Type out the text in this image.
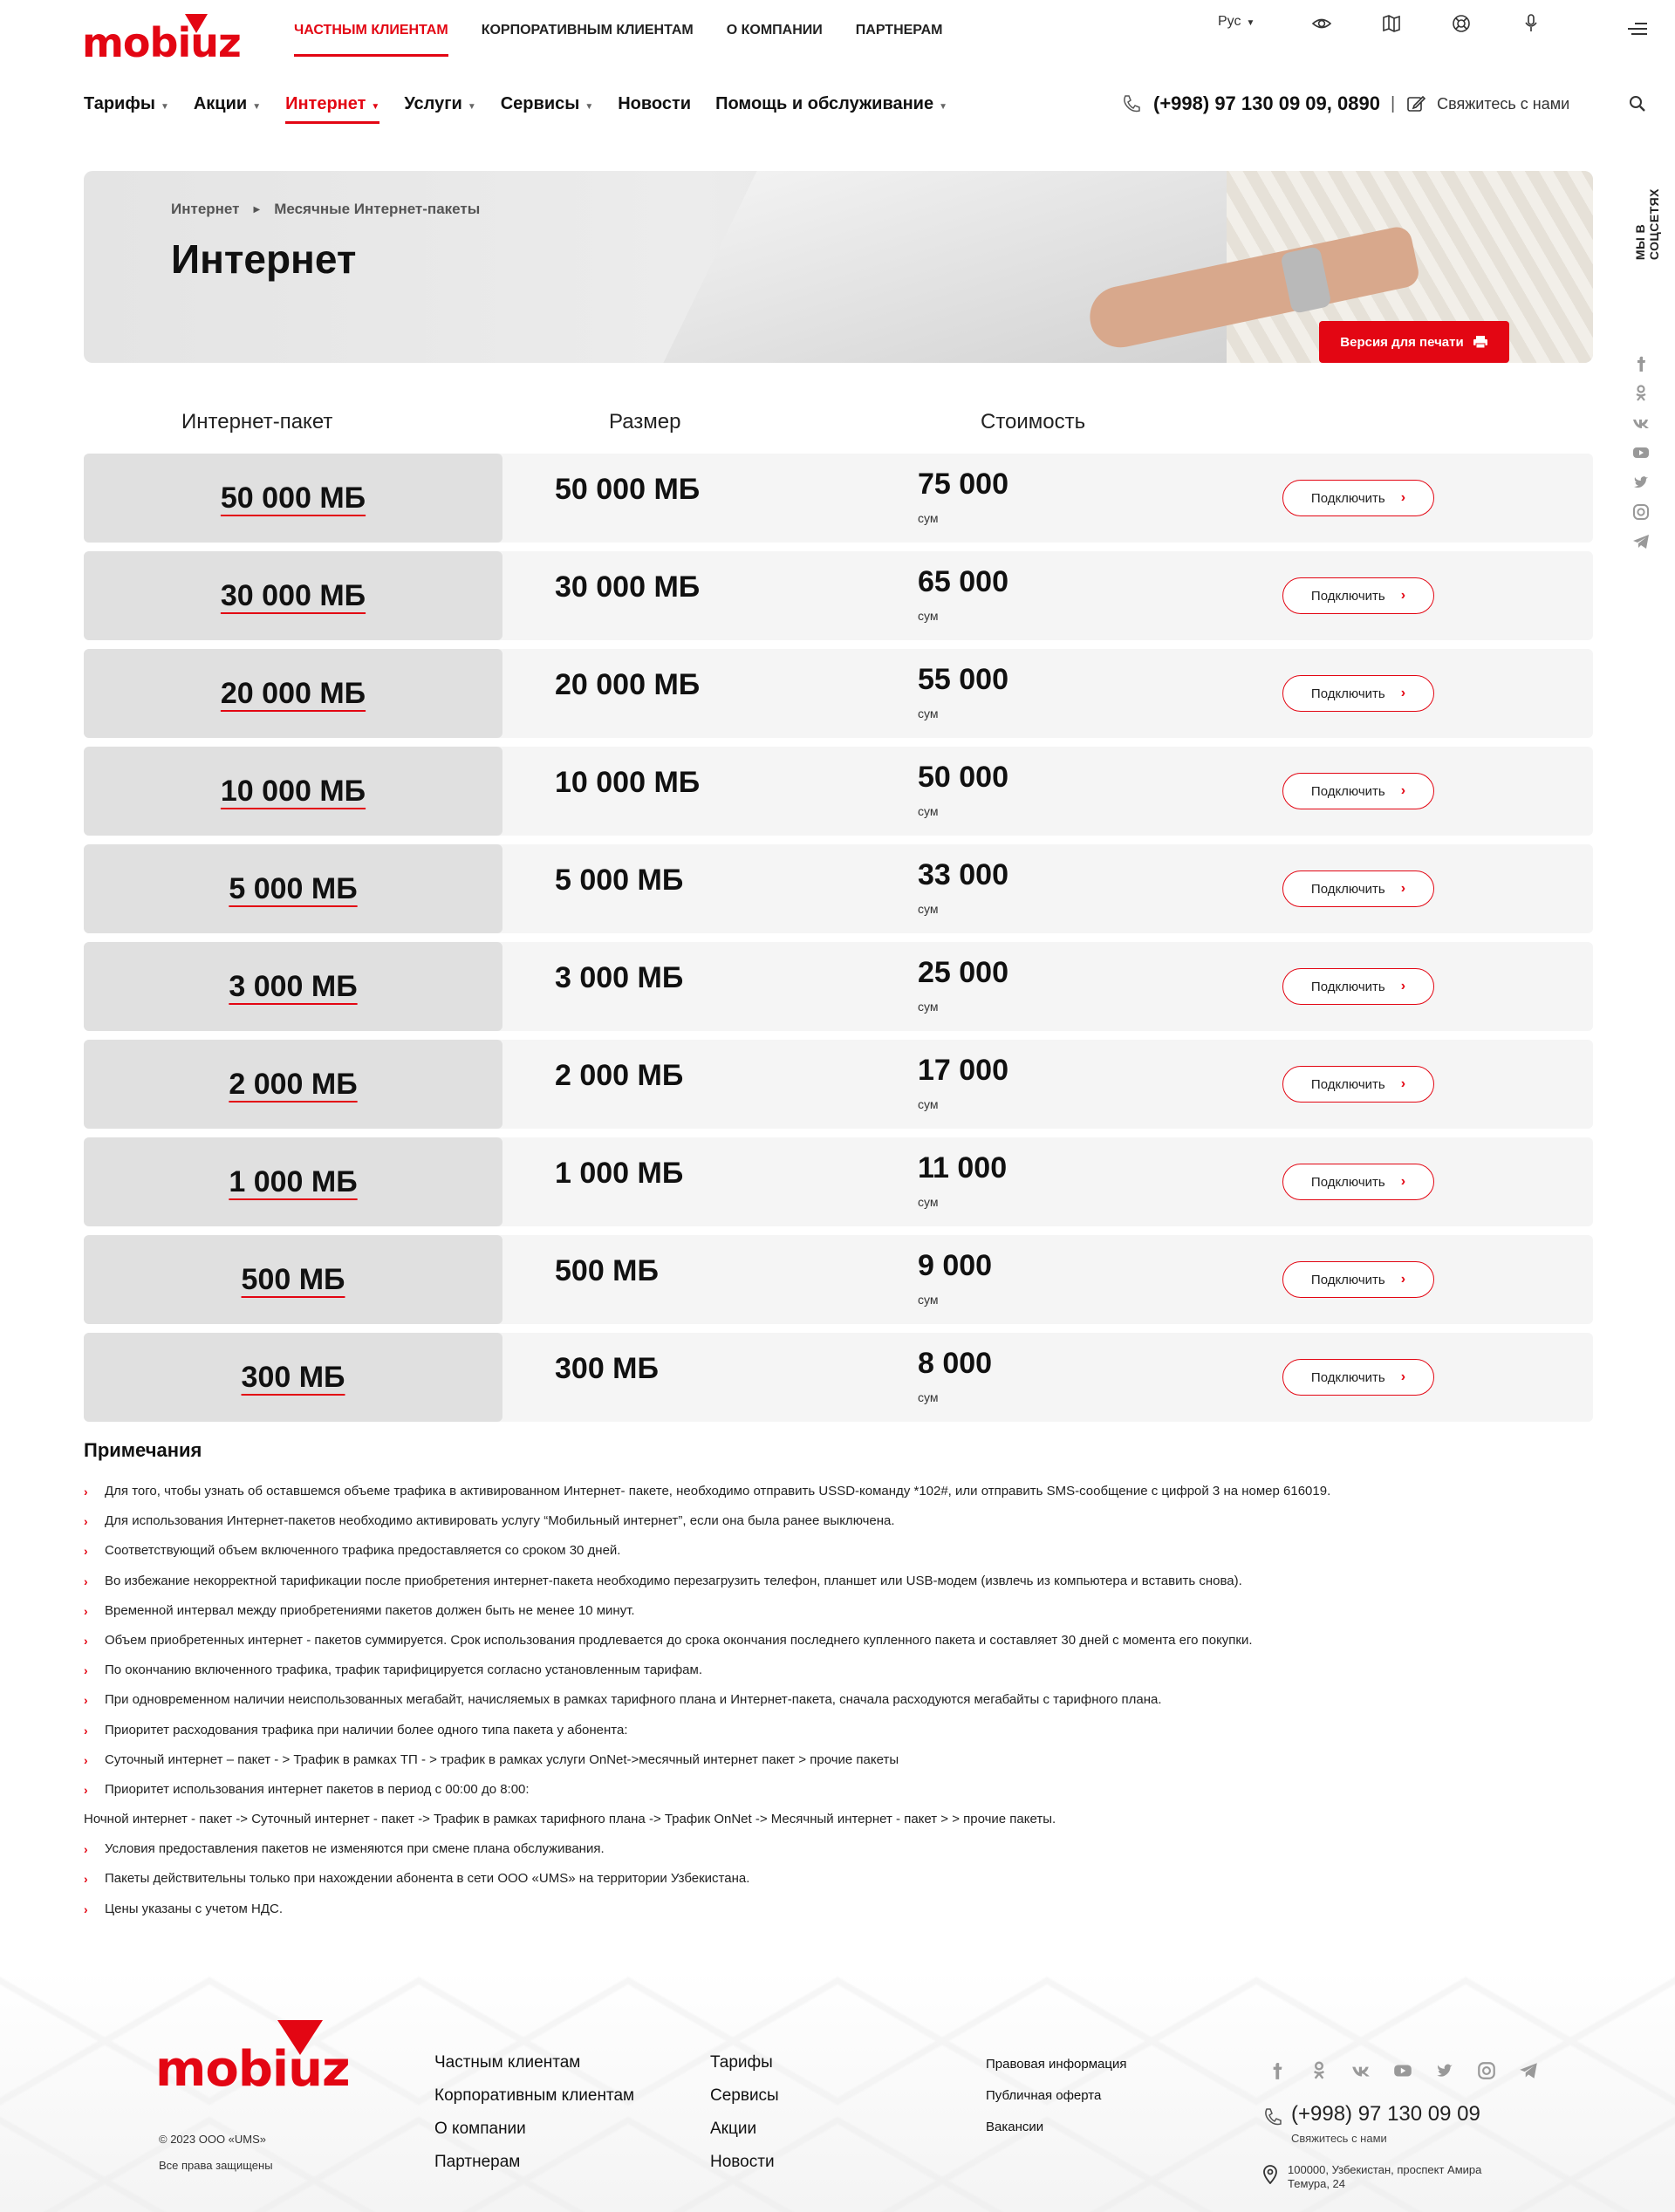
mobiuz	ЧАСТНЫМ КЛИЕНТАМ КОРПОРАТИВНЫМ КЛИЕНТАМ О КОМПАНИИ ПАРТНЕРАМ
Рус ▼
Тарифы ▼ Акции ▼ Интернет ▼ Услуги ▼ Сервисы ▼ Новости Помощь и обслуживание ▼	(+998) 97 130 09 09, 0890 |	Свяжитесь с нами
Интернет ▶ Месячные Интернет-пакеты
Интернет
Версия для печати
МЫ В СОЦСЕТЯХ
Интернет-пакет	Размер	Стоимость
50 000 МБ	50 000 МБ	75 000
сум
Подключить ›
30 000 МБ	30 000 МБ	65 000
сум
Подключить ›
20 000 МБ	20 000 МБ	55 000
сум
Подключить ›
10 000 МБ	10 000 МБ	50 000
сум
Подключить ›
5 000 МБ	5 000 МБ	33 000
сум
Подключить ›
3 000 МБ	3 000 МБ	25 000
сум
Подключить ›
2 000 МБ	2 000 МБ	17 000
сум
Подключить ›
1 000 МБ	1 000 МБ	11 000
сум
Подключить ›
500 МБ	500 МБ	9 000
сум
Подключить ›
300 МБ	300 МБ	8 000
сум
Подключить ›
Примечания
›	Для того, чтобы узнать об оставшемся объеме трафика в активированном Интернет- пакете, необходимо отправить USSD-команду *102#, или отправить SMS-сообщение с цифрой 3 на номер 616019.
›	Для использования Интернет-пакетов необходимо активировать услугу “Мобильный интернет”, если она была ранее выключена.
›	Соответствующий объем включенного трафика предоставляется со сроком 30 дней.
›	Во избежание некорректной тарификации после приобретения интернет-пакета необходимо перезагрузить телефон, планшет или USB-модем (извлечь из компьютера и вставить снова).
›	Временной интервал между приобретениями пакетов должен быть не менее 10 минут.
›	Объем приобретенных интернет - пакетов суммируется. Срок использования продлевается до срока окончания последнего купленного пакета и составляет 30 дней с момента его покупки.
›	По окончанию включенного трафика, трафик тарифицируется согласно установленным тарифам.
›	При одновременном наличии неиспользованных мегабайт, начисляемых в рамках тарифного плана и Интернет-пакета, сначала расходуются мегабайты с тарифного плана.
›	Приоритет расходования трафика при наличии более одного типа пакета у абонента:
›	Суточный интернет – пакет - > Трафик в рамках ТП - > трафик в рамках услуги OnNet->месячный интернет пакет > прочие пакеты
›	Приоритет использования интернет пакетов в период с 00:00 до 8:00:
Ночной интернет - пакет -> Суточный интернет - пакет -> Трафик в рамках тарифного плана -> Трафик OnNet -> Месячный интернет - пакет > > прочие пакеты.
›	Условия предоставления пакетов не изменяются при смене плана обслуживания.
›	Пакеты действительны только при нахождении абонента в сети ООО «UMS» на территории Узбекистана.
›	Цены указаны с учетом НДС.
mobiuz
© 2023 ООО «UMS»
Все права защищены
Частным клиентам
Корпоративным клиентам
О компании
Партнерам
Тарифы
Сервисы
Акции
Новости
Правовая информация
Публичная оферта
Вакансии
(+998) 97 130 09 09
Свяжитесь с нами
100000, Узбекистан, проспект Амира Темура, 24
